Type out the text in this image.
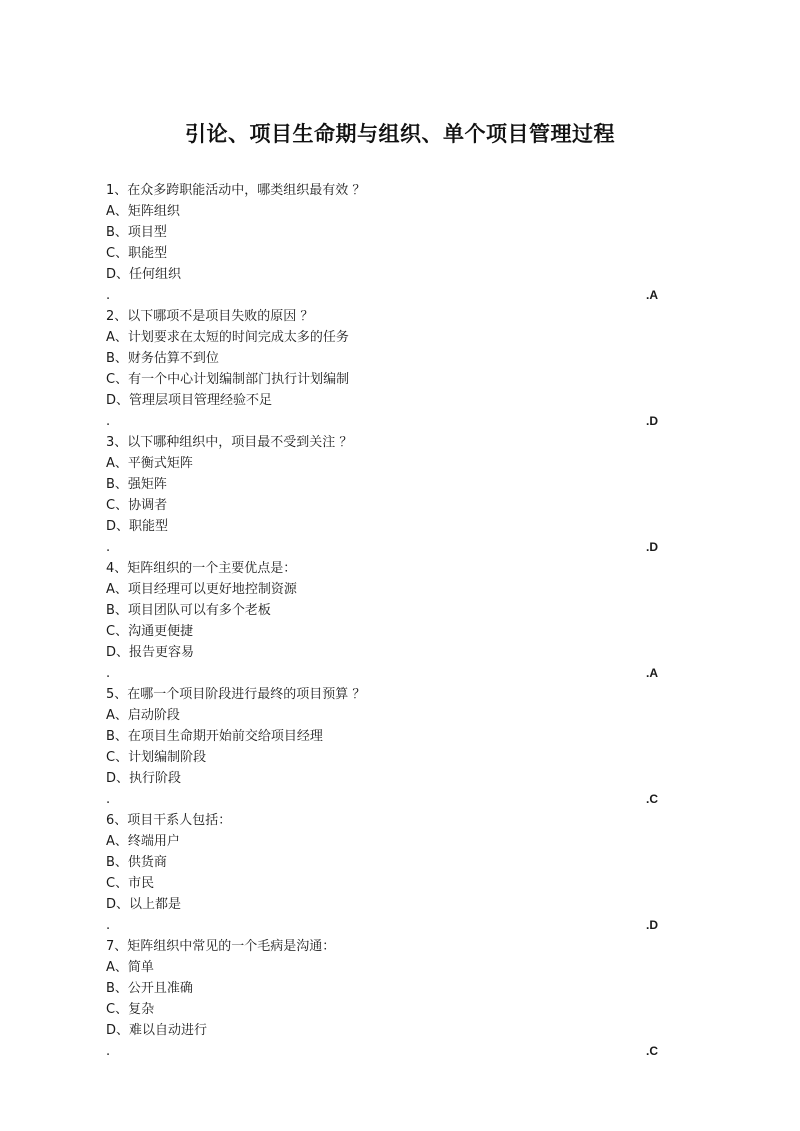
引论、项目生命期与组织、单个项目管理过程
1、在众多跨职能活动中，哪类组织最有效 ？
A、矩阵组织
B、项目型
C、职能型
D、任何组织
.	.A
2、以下哪项不是项目失败的原因 ？
A、计划要求在太短的时间完成太多的任务
B、财务估算不到位
C、有一个中心计划编制部门执行计划编制
D、管理层项目管理经验不足
.	.D
3、以下哪种组织中，项目最不受到关注 ？
A、平衡式矩阵
B、强矩阵
C、协调者
D、职能型
.	.D
4、矩阵组织的一个主要优点是：
A、项目经理可以更好地控制资源
B、项目团队可以有多个老板
C、沟通更便捷
D、报告更容易
.	.A
5、在哪一个项目阶段进行最终的项目预算 ？
A、启动阶段
B、在项目生命期开始前交给项目经理
C、计划编制阶段
D、执行阶段
.	.C
6、项目干系人包括：
A、终端用户
B、供货商
C、市民
D、以上都是
.	.D
7、矩阵组织中常见的一个毛病是沟通：
A、简单
B、公开且准确
C、复杂
D、难以自动进行
.	.C
